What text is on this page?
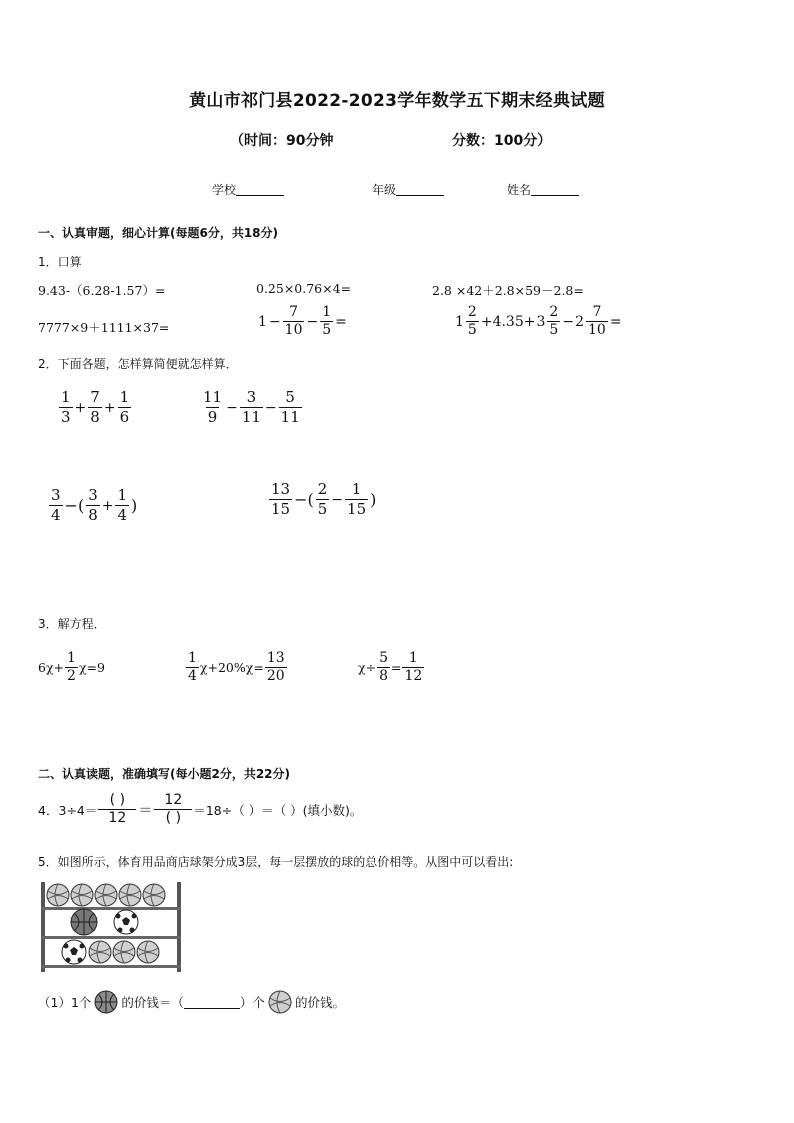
黄山市祁门县2022-2023学年数学五下期末经典试题
（时间：90分钟	分数：100分）
学校	年级	姓名
一、认真审题，细心计算(每题6分，共18分)
1．口算
9.43-（6.28-1.57）=	0.25×0.76×4=	2.8 ×42＋2.8×59－2.8=
7777×9＋1111×37=	$1 - \frac{7}{10} - \frac{1}{5}$ =	$1 \frac{2}{5} +4.35+ 3 \frac{2}{5} - 2 \frac{7}{10}$ =
2．下面各题，怎样算简便就怎样算．
$\frac{1}{3} + \frac{7}{8} + \frac{1}{6}$	$\frac{11}{9} - \frac{3}{11} - \frac{5}{11}$
$\frac{3}{4}$ −( $\frac{3}{8} + \frac{1}{4}$ )	$\frac{13}{15}$ −( $\frac{2}{5} - \frac{1}{15}$ )
3．解方程．
$6\chi+ \frac{1}{2} \chi=9$	$\frac{1}{4} \chi+20\%\chi= \frac{13}{20}$	$\chi\div \frac{5}{8} = \frac{1}{12}$
二、认真读题，准确填写(每小题2分，共22分)
4．$3\div 4= \frac{( )}{12} = \frac{12}{( )} =18\div$（ ）＝（ ）(填小数)。
5．如图所示，体育用品商店球架分成3层，每一层摆放的球的总价相等。从图中可以看出:
（1）1个 的价钱＝（	）个 的价钱。
